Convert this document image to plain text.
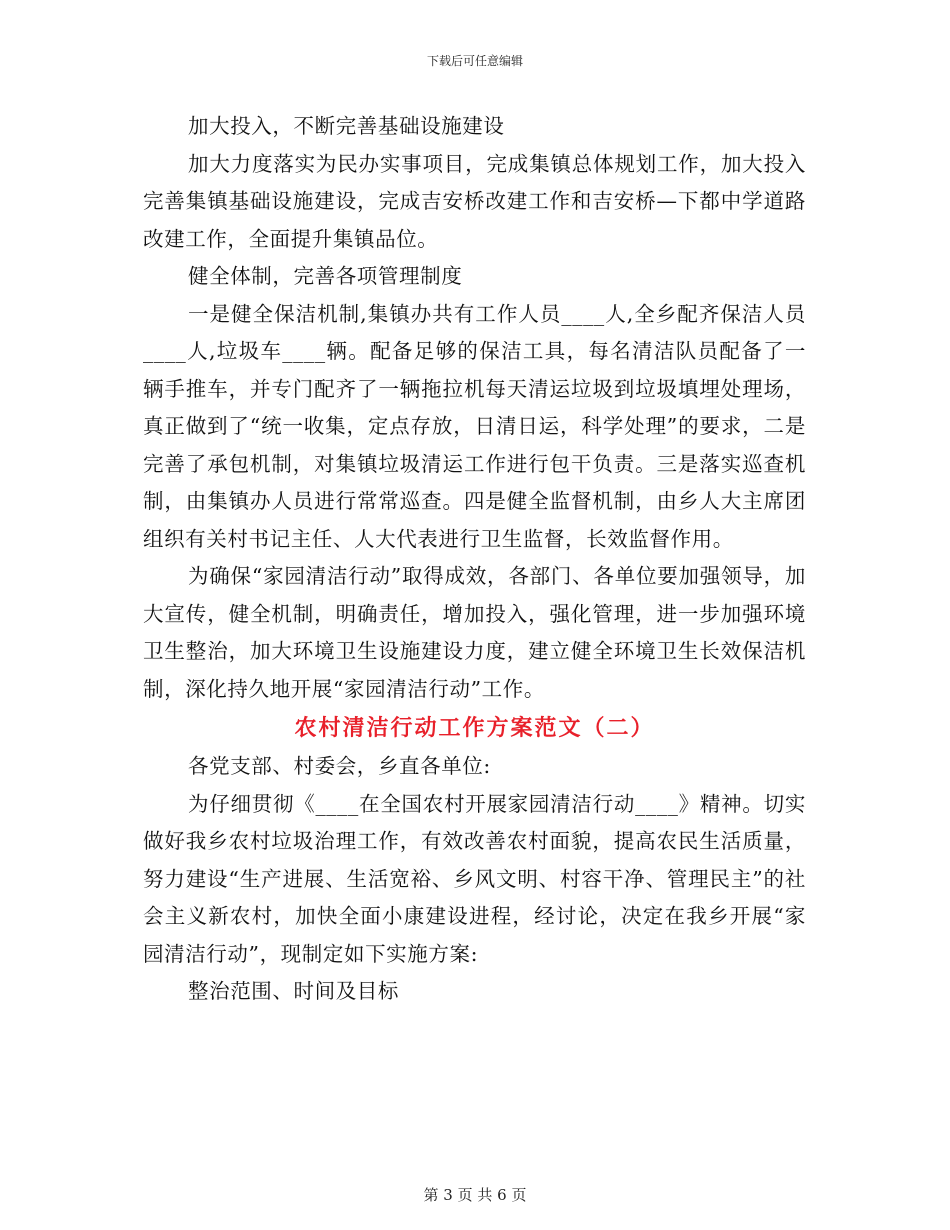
下载后可任意编辑

加大投入，不断完善基础设施建设

加大力度落实为民办实事项目，完成集镇总体规划工作，加大投入完善集镇基础设施建设，完成吉安桥改建工作和吉安桥—下都中学道路改建工作，全面提升集镇品位。

健全体制，完善各项管理制度

一是健全保洁机制,集镇办共有工作人员____人,全乡配齐保洁人员____人,垃圾车____辆。配备足够的保洁工具，每名清洁队员配备了一辆手推车，并专门配齐了一辆拖拉机每天清运垃圾到垃圾填埋处理场，真正做到了“统一收集，定点存放，日清日运，科学处理”的要求，二是完善了承包机制，对集镇垃圾清运工作进行包干负责。三是落实巡查机制，由集镇办人员进行常常巡查。四是健全监督机制，由乡人大主席团组织有关村书记主任、人大代表进行卫生监督，长效监督作用。

为确保“家园清洁行动”取得成效，各部门、各单位要加强领导，加大宣传，健全机制，明确责任，增加投入，强化管理，进一步加强环境卫生整治，加大环境卫生设施建设力度，建立健全环境卫生长效保洁机制，深化持久地开展“家园清洁行动”工作。

农村清洁行动工作方案范文（二）

各党支部、村委会，乡直各单位:

为仔细贯彻《____在全国农村开展家园清洁行动____》精神。切实做好我乡农村垃圾治理工作，有效改善农村面貌，提高农民生活质量，努力建设“生产进展、生活宽裕、乡风文明、村容干净、管理民主”的社会主义新农村，加快全面小康建设进程，经讨论，决定在我乡开展“家园清洁行动”，现制定如下实施方案:

整治范围、时间及目标

第 3 页 共 6 页
